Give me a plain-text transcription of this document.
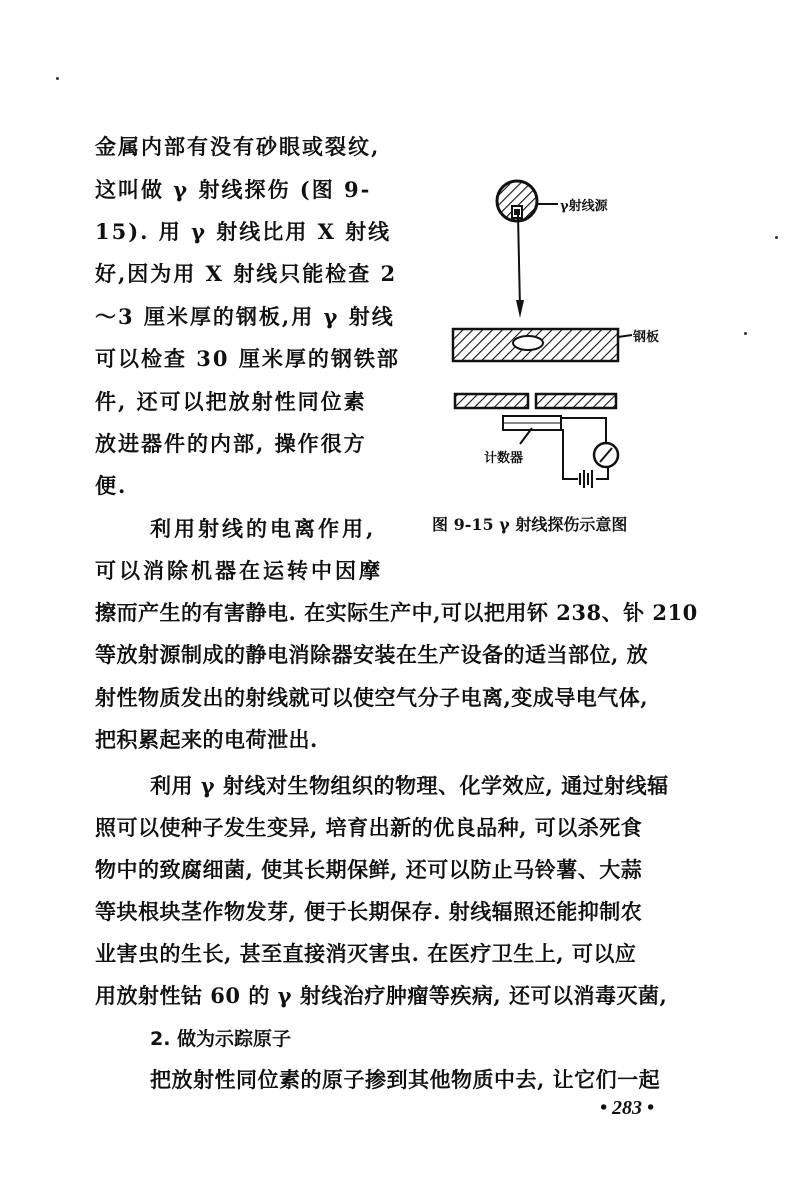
金属内部有没有砂眼或裂纹,
这叫做 γ 射线探伤 (图 9-
15). 用 γ 射线比用 X 射线
好,因为用 X 射线只能检查 2
～3 厘米厚的钢板,用 γ 射线
可以检查 30 厘米厚的钢铁部
件, 还可以把放射性同位素
放进器件的内部, 操作很方
便.
利用射线的电离作用,
可以消除机器在运转中因摩
擦而产生的有害静电. 在实际生产中,可以把用钚 238、钋 210
等放射源制成的静电消除器安装在生产设备的适当部位, 放
射性物质发出的射线就可以使空气分子电离,变成导电气体,
把积累起来的电荷泄出.
利用 γ 射线对生物组织的物理、化学效应, 通过射线辐
照可以使种子发生变异, 培育出新的优良品种, 可以杀死食
物中的致腐细菌, 使其长期保鲜, 还可以防止马铃薯、大蒜
等块根块茎作物发芽, 便于长期保存. 射线辐照还能抑制农
业害虫的生长, 甚至直接消灭害虫. 在医疗卫生上, 可以应
用放射性钴 60 的 γ 射线治疗肿瘤等疾病, 还可以消毒灭菌,
2. 做为示踪原子
把放射性同位素的原子掺到其他物质中去, 让它们一起
• 283 •
γ射线源
钢板
计数器
图 9-15 γ 射线探伤示意图
